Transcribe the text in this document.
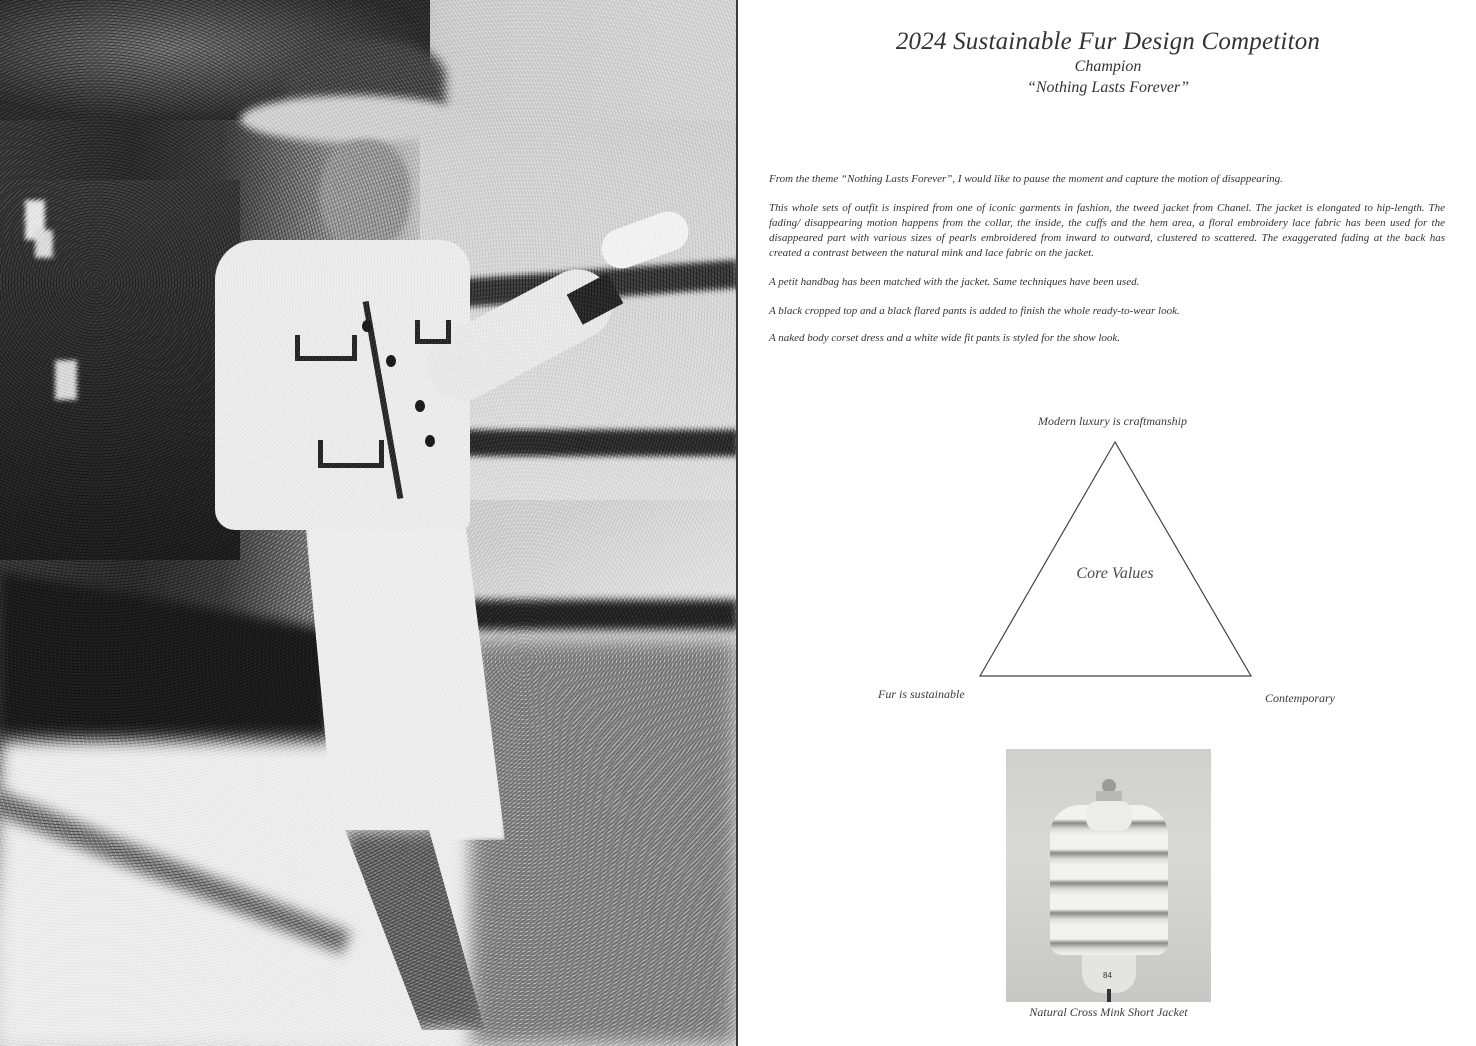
2024 Sustainable Fur Design Competiton
Champion
“Nothing Lasts Forever”

From the theme “Nothing Lasts Forever”, I would like to pause the moment and capture the motion of disappearing.

This whole sets of outfit is inspired from one of iconic garments in fashion, the tweed jacket from Chanel. The jacket is elongated to hip-length. The fading/ disappearing motion happens from the collar, the inside, the cuffs and the hem area, a floral embroidery lace fabric has been used for the disappeared part with various sizes of pearls embroidered from inward to outward, clustered to scattered. The exaggerated fading at the back has created a contrast between the natural mink and lace fabric on the jacket.

A petit handbag has been matched with the jacket. Same techniques have been used.

A black cropped top and a black flared pants is added to finish the whole ready-to-wear look.

A naked body corset dress and a white wide fit pants is styled for the show look.

Modern luxury is craftmanship
Core Values
Fur is sustainable	Contemporary
84
Natural Cross Mink Short Jacket
